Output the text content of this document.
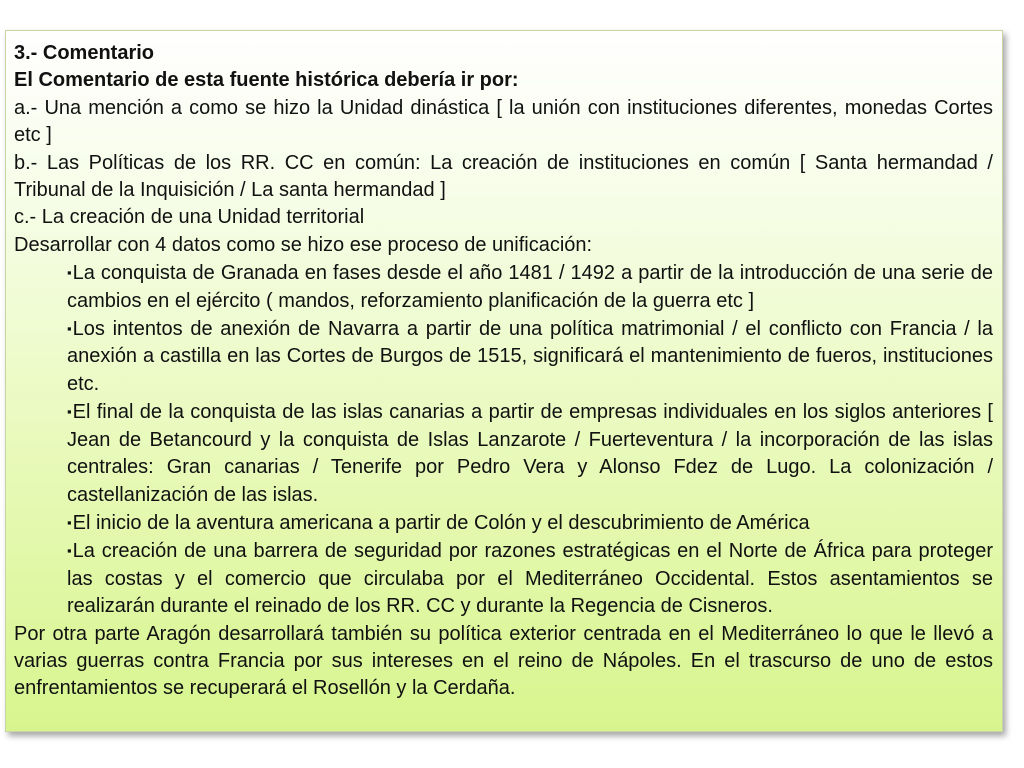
3.- Comentario

El Comentario de esta fuente histórica debería ir por:

a.- Una mención a como se hizo la Unidad dinástica [ la unión con instituciones diferentes, monedas Cortes etc ]

b.- Las Políticas de los RR. CC en común: La creación de instituciones en común [ Santa hermandad / Tribunal de la Inquisición / La santa hermandad ]

c.- La creación de una Unidad territorial

Desarrollar con 4 datos como se hizo ese proceso de unificación:

▪La conquista de Granada en fases desde el año 1481 / 1492 a partir de la introducción de una serie de cambios en el ejército ( mandos, reforzamiento planificación de la guerra etc ]
▪Los intentos de anexión de Navarra a partir de una política matrimonial / el conflicto con Francia / la anexión a castilla en las Cortes de Burgos de 1515, significará el mantenimiento de fueros, instituciones etc.
▪El final de la conquista de las islas canarias a partir de empresas individuales en los siglos anteriores [ Jean de Betancourd y la conquista de Islas Lanzarote / Fuerteventura / la incorporación de las islas centrales: Gran canarias / Tenerife por Pedro Vera y Alonso Fdez de Lugo. La colonización / castellanización de las islas.
▪El inicio de la aventura americana a partir de Colón y el descubrimiento de América
▪La creación de una barrera de seguridad por razones estratégicas en el Norte de África para proteger las costas y el comercio que circulaba por el Mediterráneo Occidental. Estos asentamientos se realizarán durante el reinado de los RR. CC y durante la Regencia de Cisneros.

Por otra parte Aragón desarrollará también su política exterior centrada en el Mediterráneo lo que le llevó a varias guerras contra Francia por sus intereses en el reino de Nápoles. En el trascurso de uno de estos enfrentamientos se recuperará el Rosellón y la Cerdaña.
